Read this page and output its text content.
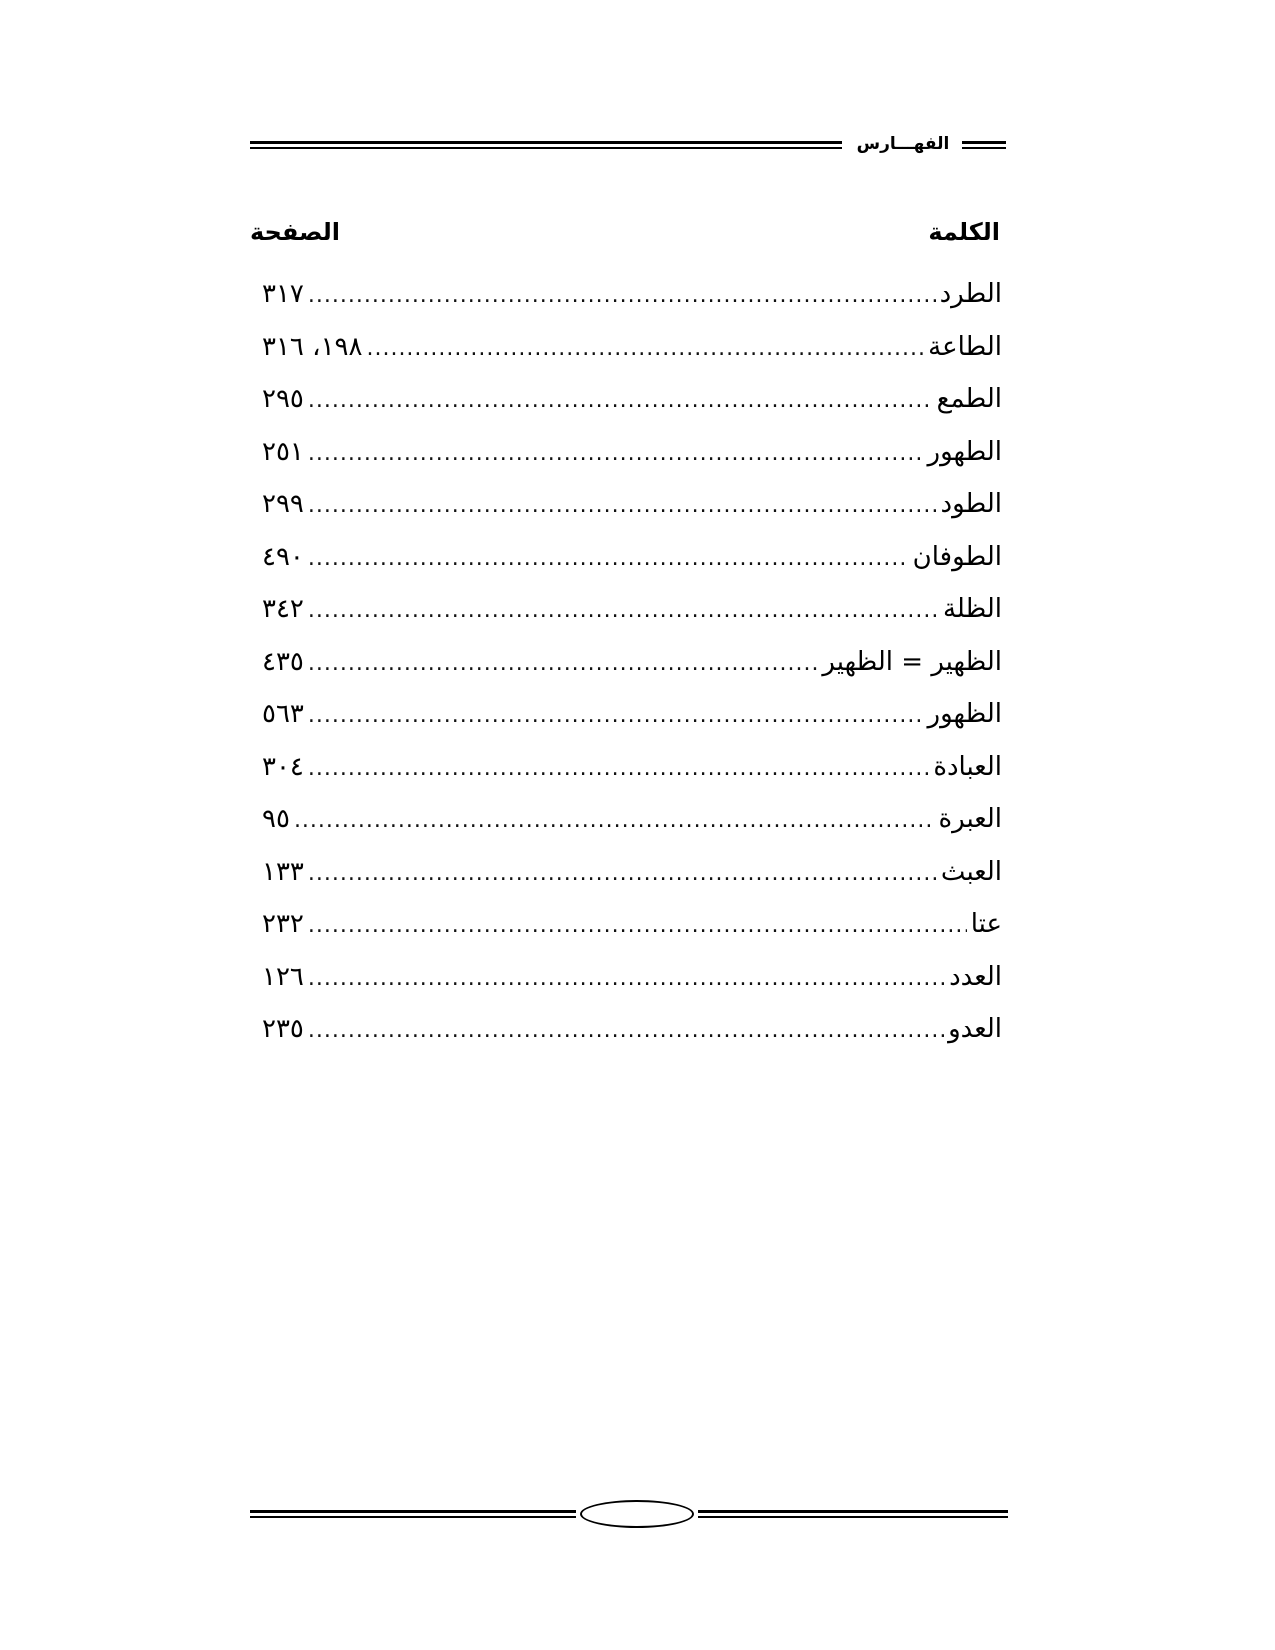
الفهـــارس
الكلمة
الصفحة
الطرد
.....
٣١٧
الطاعة
.....
١٩٨، ٣١٦
الطمع
.....
٢٩٥
الطهور
.....
٢٥١
الطود
.....
٢٩٩
الطوفان
.....
٤٩٠
الظلة
.....
٣٤٢
الظهير = الظهير
.....
٤٣٥
الظهور
.....
٥٦٣
العبادة
.....
٣٠٤
العبرة
.....
٩٥
العبث
.....
١٣٣
عتا
.....
٢٣٢
العدد
.....
١٢٦
العدو
.....
٢٣٥
